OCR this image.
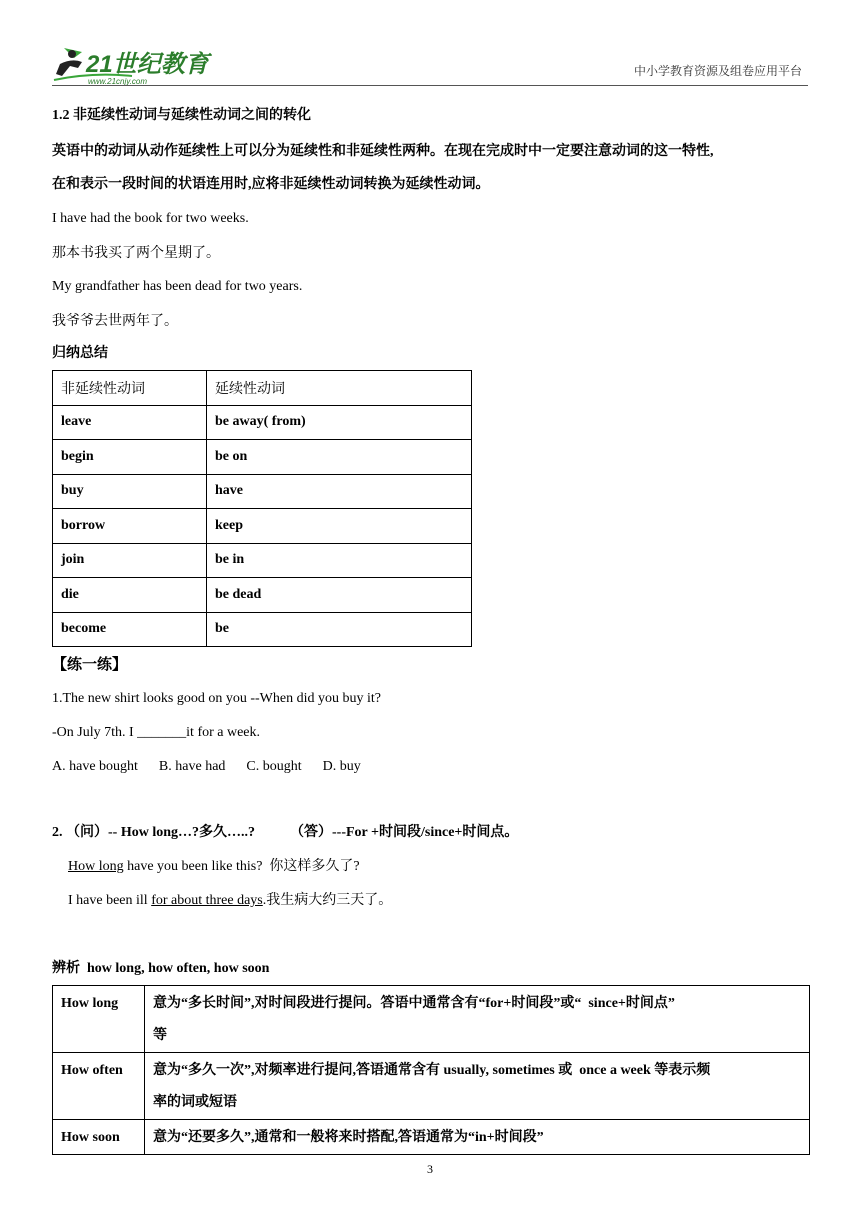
21世纪教育
www.21cnjy.com
中小学教育资源及组卷应用平台
1.2 非延续性动词与延续性动词之间的转化
英语中的动词从动作延续性上可以分为延续性和非延续性两种。在现在完成时中一定要注意动词的这一特性,
在和表示一段时间的状语连用时,应将非延续性动词转换为延续性动词。
I have had the book for two weeks.
那本书我买了两个星期了。
My grandfather has been dead for two years.
我爷爷去世两年了。
归纳总结
非延续性动词	延续性动词
leave	be away( from)
begin	be on
buy	have
borrow	keep
join	be in
die	be dead
become	be
【练一练】
1.The new shirt looks good on you --When did you buy it?
-On July 7th. I _______it for a week.
A. have bought      B. have had      C. bought      D. buy
2. （问）-- How long…?多久…..?          （答）---For +时间段/since+时间点。
How long have you been like this?  你这样多久了?
I have been ill for about three days.我生病大约三天了。
辨析  how long, how often, how soon
How long	意为“多长时间”,对时间段进行提问。答语中通常含有“for+时间段”或“  since+时间点”
等

How often	意为“多久一次”,对频率进行提问,答语通常含有 usually, sometimes 或  once a week 等表示频
率的词或短语

How soon	意为“还要多久”,通常和一般将来时搭配,答语通常为“in+时间段”
3
